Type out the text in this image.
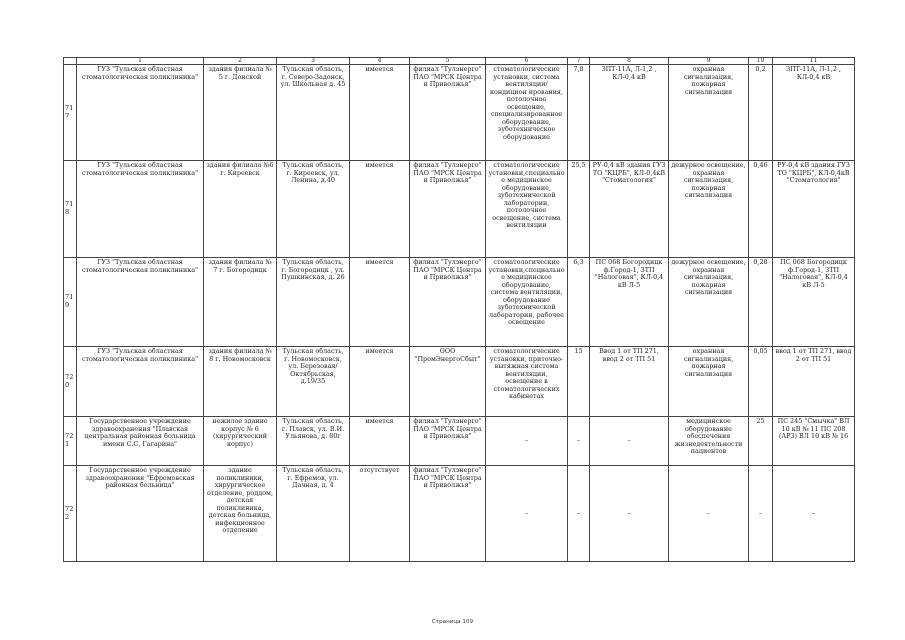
	1	2	3	4	5	6	7	8	9	10	11
717	ГУЗ "Тульская областная стоматологическая поликлиника"	здания филиала № 5 г. Донской	Тульская область, г. Северо-Задонск, ул. Школьная д. 45	имеется	филиал "Тулэнерго" ПАО "МРСК Центра и Приволжья"	стоматологические установки, система вентиляции/кондицион ирования, потолочное освещение, специализированное оборудование, зуботехническое оборудование	7,8	ЗПТ-11А, Л-1,2 , КЛ-0,4 кВ	охранная сигнализация, пожарная сигнализация	0,2	ЗПТ-11А, Л-1,2 , КЛ-0,4 кВ
718	ГУЗ "Тульская областная стоматологическая поликлиника"	здания филиала №6 г. Киреевск	Тульская область, г. Киреевск, ул. Ленина, д.40	имеется	филиал "Тулэнерго" ПАО "МРСК Центра и Приволжья"	стоматологические установки,специальное медицинское оборудование, зуботехнической лаборатории, потолочное освещение, система вентиляции	25,5	РУ-0,4 кВ здания ГУЗ ТО "КЦРБ", КЛ-0,4кВ "Стоматология"	дежурное освещение, охранная сигнализация, пожарная сигнализация	0,46	РУ-0,4 кВ здания ГУЗ ТО "КЦРБ", КЛ-0,4кВ "Стоматология"
719	ГУЗ "Тульская областная стоматологическая поликлиника"	здания филиала № 7 г. Богородицк	Тульская область, г. Богородицк , ул. Пушкинская, д. 26	имеется	филиал "Тулэнерго" ПАО "МРСК Центра и Приволжья"	стоматологические установки,специальное медицинское оборудование, система вентиляции, оборудование зуботехнической лаборатории, рабочее освещение	6,3	ПС 068 Богородицк ф.Город-1, ЗТП "Налоговая", КЛ-0,4 кВ Л-5	дежурное освещение, охранная сигнализация, пожарная сигнализация	0,28	ПС 068 Богородицк ф.Город-1, ЗТП "Налоговая", КЛ-0,4 кВ Л-5
720	ГУЗ "Тульская областная стоматологическая поликлиника"	здания филиала № 8 г. Новомосковск	Тульская область, г. Новомосковск, ул. Березовая/ Октябрьская, д.19/35	имеется	ООО "ПромЭнергоСбыт"	стоматологические установки, приточно-вытяжная система вентиляции, освещение в стоматологических кабинетах	15	Ввод 1 от ТП 271, ввод 2 от ТП 51	охранная сигнализация, пожарная сигнализация	0,05	ввод 1 от ТП 271, ввод 2 от ТП 51
721	Государственное учреждение здравоохранения "Плавская центральная районная больница имени С.С. Гагарина"	нежилое здание корпус № 6 (хирургический корпус)	Тульская область, г. Плавск, ул. В.И. Ульянова, д. 80г	имеется	филиал "Тулэнерго" ПАО "МРСК Центра и Приволжья"	–	–	–	медицинское оборудование обеспечения жизнедеятельности пациентов	25	ПС 245 "Смычка" ВЛ 10 кВ № 11 ПС 208 (АРЗ) ВЛ 10 кВ № 16
722	Государственное учреждение здравоохранения "Ефремовская районная больница"	здание поликлиники, хирургическое отделение, роддом, детская поликлиника, детская больница, инфекционное отделение	Тульская область, г. Ефремов, ул. Дачная, д. 4	отсутствует	филиал "Тулэнерго" ПАО "МРСК Центра и Приволжья"	–	–	–	–	–	–
Страница 109
